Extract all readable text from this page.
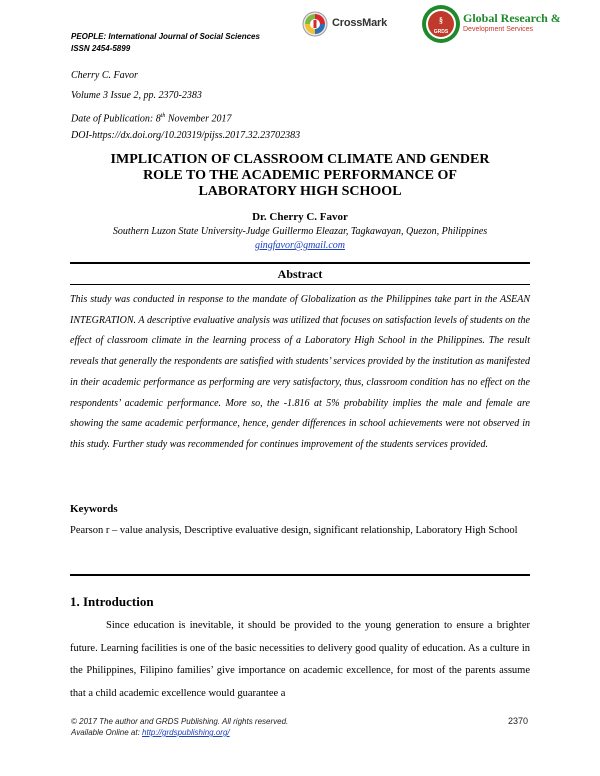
PEOPLE: International Journal of Social Sciences
ISSN 2454-5899
CrossMark	§
GRDS
Global Research &
Development Services
Cherry C. Favor
Volume 3 Issue 2, pp. 2370-2383
Date of Publication: 8th November 2017
DOI-https://dx.doi.org/10.20319/pijss.2017.32.23702383
IMPLICATION OF CLASSROOM CLIMATE AND GENDER
ROLE TO THE ACADEMIC PERFORMANCE OF
LABORATORY HIGH SCHOOL
Dr. Cherry C. Favor
Southern Luzon State University-Judge Guillermo Eleazar, Tagkawayan, Quezon, Philippines
gingfavor@gmail.com
Abstract
This study was conducted in response to the mandate of Globalization as the Philippines take part in the ASEAN INTEGRATION. A descriptive evaluative analysis was utilized that focuses on satisfaction levels of students on the effect of classroom climate in the learning process of a Laboratory High School in the Philippines. The result reveals that generally the respondents are satisfied with students’ services provided by the institution as manifested in their academic performance as performing are very satisfactory, thus, classroom condition has no effect on the respondents’ academic performance. More so, the -1.816 at 5% probability implies the male and female are showing the same academic performance, hence, gender differences in school achievements were not observed in this study. Further study was recommended for continues improvement of the students services provided.
Keywords
Pearson r – value analysis, Descriptive evaluative design, significant relationship, Laboratory High School
1. Introduction
Since education is inevitable, it should be provided to the young generation to ensure a brighter future. Learning facilities is one of the basic necessities to delivery good quality of education. As a culture in the Philippines, Filipino families’ give importance on academic excellence, for most of the parents assume that a child academic excellence would guarantee a
© 2017 The author and GRDS Publishing. All rights reserved.
Available Online at: http://grdspublishing.org/
2370
